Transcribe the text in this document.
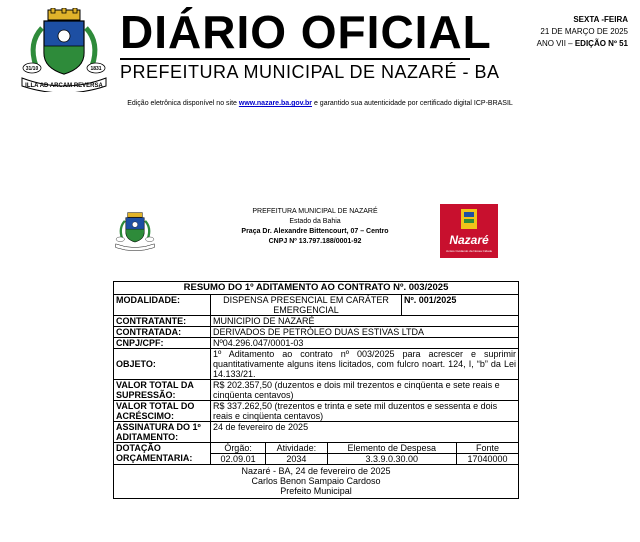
31/10	1831
ILLA AD ARCAM REVERSA
DIÁRIO OFICIAL
PREFEITURA MUNICIPAL DE NAZARÉ - BA
SEXTA -FEIRA
21 DE MARÇO DE 2025
ANO VII – EDIÇÃO Nº 51
Edição eletrônica disponível no site www.nazare.ba.gov.br e garantido sua autenticidade por certificado digital ICP-BRASIL
PREFEITURA MUNICIPAL DE NAZARÉ
Estado da Bahia
Praça Dr. Alexandre Bittencourt, 07 – Centro
CNPJ Nº 13.797.188/0001-92	Nazaré
Juntos Cuidando da Nossa Cidade
RESUMO DO 1º ADITAMENTO AO CONTRATO Nº. 003/2025
MODALIDADE:	DISPENSA PRESENCIAL EM CARÁTER EMERGENCIAL	Nº. 001/2025
CONTRATANTE:	MUNICIPIO DE NAZARÉ
CONTRATADA:	DERIVADOS DE PETRÓLEO DUAS ESTIVAS LTDA
CNPJ/CPF:	Nº04.296.047/0001-03
OBJETO:	1º Aditamento ao contrato nº 003/2025 para acrescer e suprimir quantitativamente alguns itens licitados, com fulcro noart. 124, I, “b” da Lei 14.133/21.
VALOR TOTAL DA SUPRESSÃO:	R$ 202.357,50 (duzentos e dois mil trezentos e cinqüenta e sete reais e cinqüenta centavos)
VALOR TOTAL DO ACRÉSCIMO:	R$ 337.262,50 (trezentos e trinta e sete mil duzentos e sessenta e dois reais e cinqüenta centavos)
ASSINATURA DO 1º ADITAMENTO:	24 de fevereiro de 2025
DOTAÇÃO ORÇAMENTARIA:	
Órgão:	Atividade:	Elemento de Despesa	Fonte
02.09.01	2034	3.3.9.0.30.00	17040000
Nazaré - BA, 24 de fevereiro de 2025
Carlos Benon Sampaio Cardoso
Prefeito Municipal
